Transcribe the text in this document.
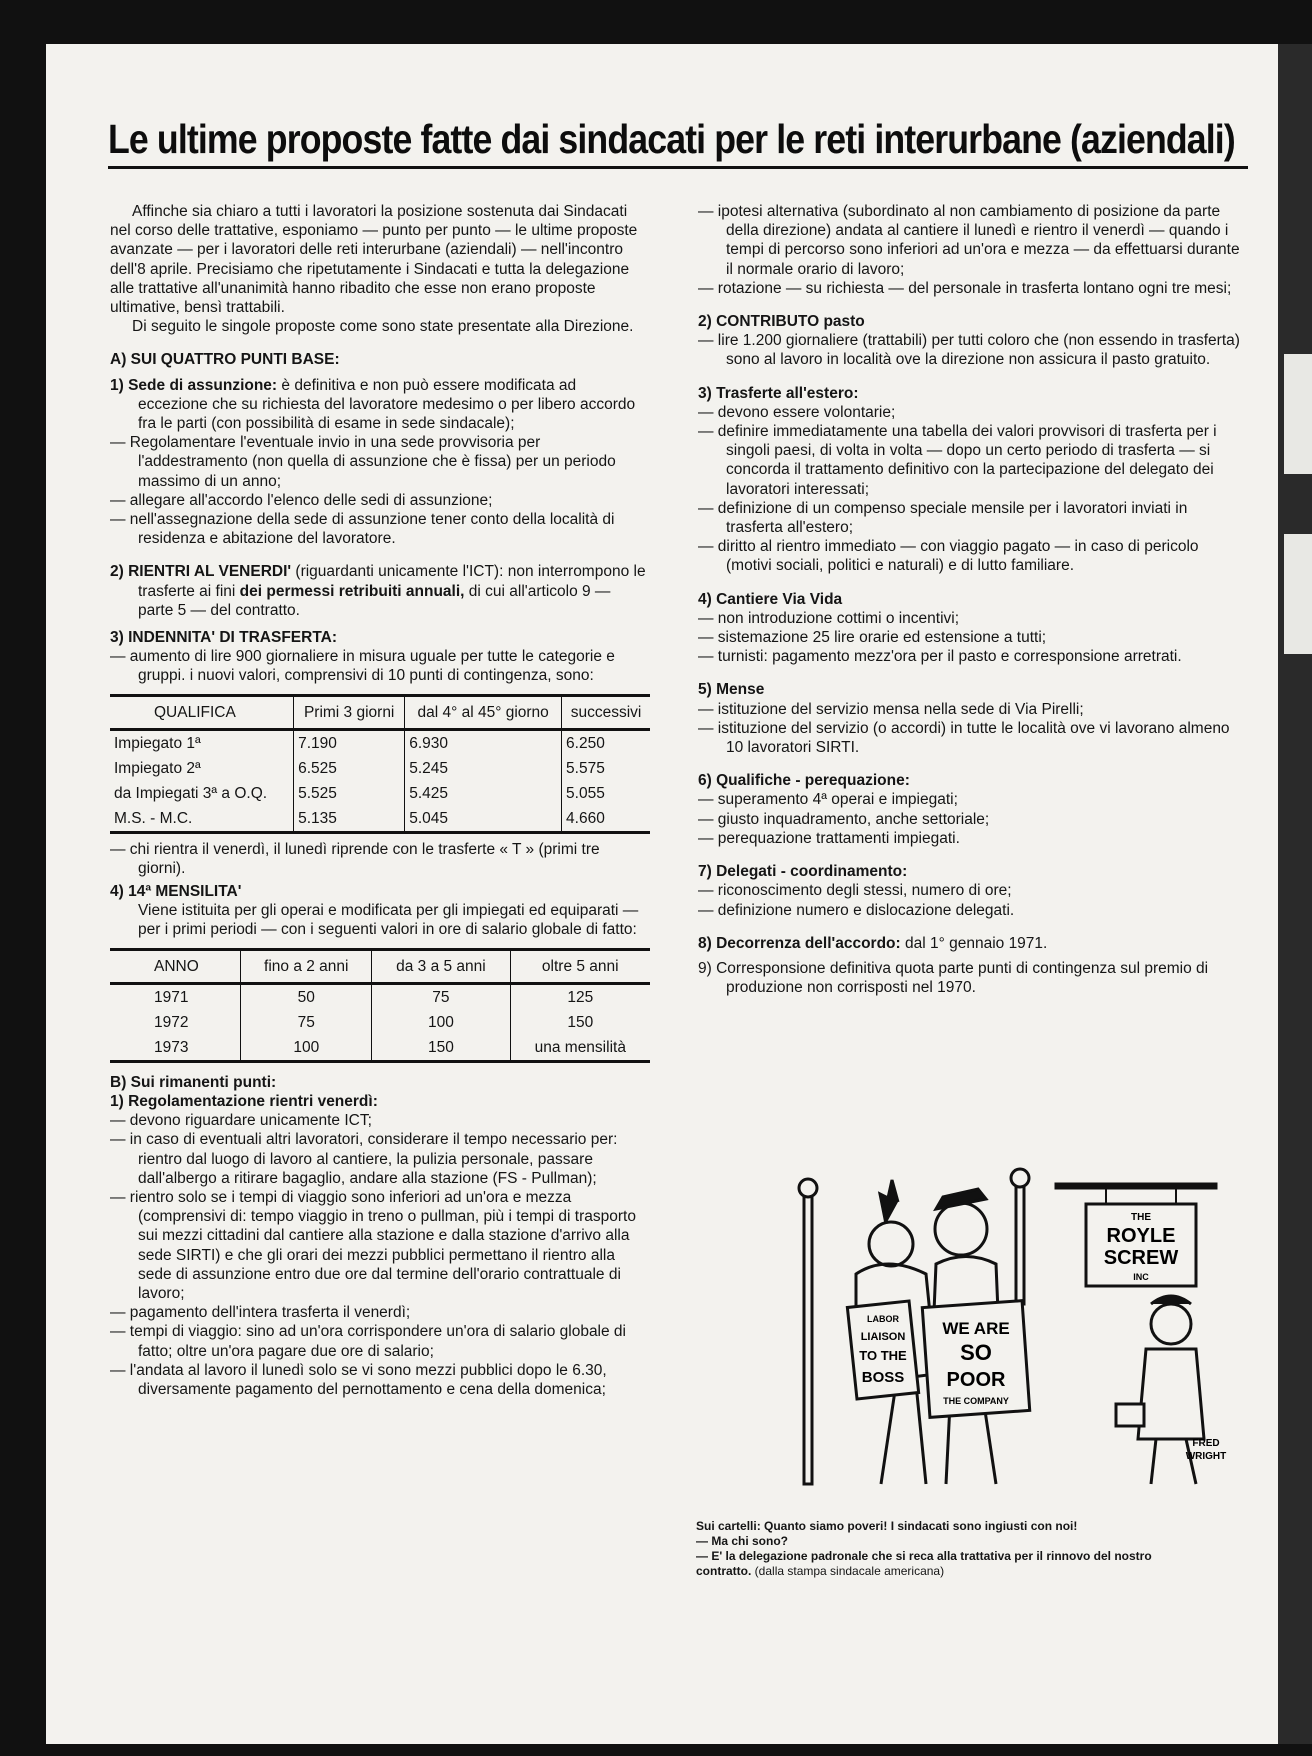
Le ultime proposte fatte dai sindacati per le reti interurbane (aziendali)

Affinche sia chiaro a tutti i lavoratori la posizione sostenuta dai Sindacati nel corso delle trattative, esponiamo — punto per punto — le ultime proposte avanzate — per i lavoratori delle reti interurbane (aziendali) — nell'incontro dell'8 aprile. Precisiamo che ripetutamente i Sindacati e tutta la delegazione alle trattative all'unanimità hanno ribadito che esse non erano proposte ultimative, bensì trattabili.

Di seguito le singole proposte come sono state presentate alla Direzione.

A) SUI QUATTRO PUNTI BASE:

1) Sede di assunzione: è definitiva e non può essere modificata ad eccezione che su richiesta del lavoratore medesimo o per libero accordo fra le parti (con possibilità di esame in sede sindacale);

— Regolamentare l'eventuale invio in una sede provvisoria per l'addestramento (non quella di assunzione che è fissa) per un periodo massimo di un anno;

— allegare all'accordo l'elenco delle sedi di assunzione;

— nell'assegnazione della sede di assunzione tener conto della località di residenza e abitazione del lavoratore.

2) RIENTRI AL VENERDI' (riguardanti unicamente l'ICT): non interrompono le trasferte ai fini dei permessi retribuiti annuali, di cui all'articolo 9 — parte 5 — del contratto.

3) INDENNITA' DI TRASFERTA:

— aumento di lire 900 giornaliere in misura uguale per tutte le categorie e gruppi. i nuovi valori, comprensivi di 10 punti di contingenza, sono:

QUALIFICA	Primi 3 giorni	dal 4° al 45° giorno	successivi
Impiegato 1ª	7.190	6.930	6.250
Impiegato 2ª	6.525	5.245	5.575
da Impiegati 3ª a O.Q.	5.525	5.425	5.055
M.S. - M.C.	5.135	5.045	4.660

— chi rientra il venerdì, il lunedì riprende con le trasferte « T » (primi tre giorni).

4) 14ª MENSILITA'

Viene istituita per gli operai e modificata per gli impiegati ed equiparati — per i primi periodi — con i seguenti valori in ore di salario globale di fatto:

ANNO	fino a 2 anni	da 3 a 5 anni	oltre 5 anni
1971	50	75	125
1972	75	100	150
1973	100	150	una mensilità

B) Sui rimanenti punti:

1) Regolamentazione rientri venerdì:

— devono riguardare unicamente ICT;

— in caso di eventuali altri lavoratori, considerare il tempo necessario per: rientro dal luogo di lavoro al cantiere, la pulizia personale, passare dall'albergo a ritirare bagaglio, andare alla stazione (FS - Pullman);

— rientro solo se i tempi di viaggio sono inferiori ad un'ora e mezza (comprensivi di: tempo viaggio in treno o pullman, più i tempi di trasporto sui mezzi cittadini dal cantiere alla stazione e dalla stazione d'arrivo alla sede SIRTI) e che gli orari dei mezzi pubblici permettano il rientro alla sede di assunzione entro due ore dal termine dell'orario contrattuale di lavoro;

— pagamento dell'intera trasferta il venerdì;

— tempi di viaggio: sino ad un'ora corrispondere un'ora di salario globale di fatto; oltre un'ora pagare due ore di salario;

— l'andata al lavoro il lunedì solo se vi sono mezzi pubblici dopo le 6.30, diversamente pagamento del pernottamento e cena della domenica;

— ipotesi alternativa (subordinato al non cambiamento di posizione da parte della direzione) andata al cantiere il lunedì e rientro il venerdì — quando i tempi di percorso sono inferiori ad un'ora e mezza — da effettuarsi durante il normale orario di lavoro;

— rotazione — su richiesta — del personale in trasferta lontano ogni tre mesi;

2) CONTRIBUTO pasto

— lire 1.200 giornaliere (trattabili) per tutti coloro che (non essendo in trasferta) sono al lavoro in località ove la direzione non assicura il pasto gratuito.

3) Trasferte all'estero:

— devono essere volontarie;

— definire immediatamente una tabella dei valori provvisori di trasferta per i singoli paesi, di volta in volta — dopo un certo periodo di trasferta — si concorda il trattamento definitivo con la partecipazione del delegato dei lavoratori interessati;

— definizione di un compenso speciale mensile per i lavoratori inviati in trasferta all'estero;

— diritto al rientro immediato — con viaggio pagato — in caso di pericolo (motivi sociali, politici e naturali) e di lutto familiare.

4) Cantiere Via Vida

— non introduzione cottimi o incentivi;

— sistemazione 25 lire orarie ed estensione a tutti;

— turnisti: pagamento mezz'ora per il pasto e corresponsione arretrati.

5) Mense

— istituzione del servizio mensa nella sede di Via Pirelli;

— istituzione del servizio (o accordi) in tutte le località ove vi lavorano almeno 10 lavoratori SIRTI.

6) Qualifiche - perequazione:

— superamento 4ª operai e impiegati;

— giusto inquadramento, anche settoriale;

— perequazione trattamenti impiegati.

7) Delegati - coordinamento:

— riconoscimento degli stessi, numero di ore;

— definizione numero e dislocazione delegati.

8) Decorrenza dell'accordo: dal 1° gennaio 1971.

9) Corresponsione definitiva quota parte punti di contingenza sul premio di produzione non corrisposti nel 1970.

THE
ROYLE
SCREW
INC
LABOR
LIAISON
TO THE
BOSS
WE ARE
SO
POOR
THE COMPANY
FRED
WRIGHT
Sui cartelli: Quanto siamo poveri! I sindacati sono ingiusti con noi!
— Ma chi sono?
— E' la delegazione padronale che si reca alla trattativa per il rinnovo del nostro contratto. (dalla stampa sindacale americana)
